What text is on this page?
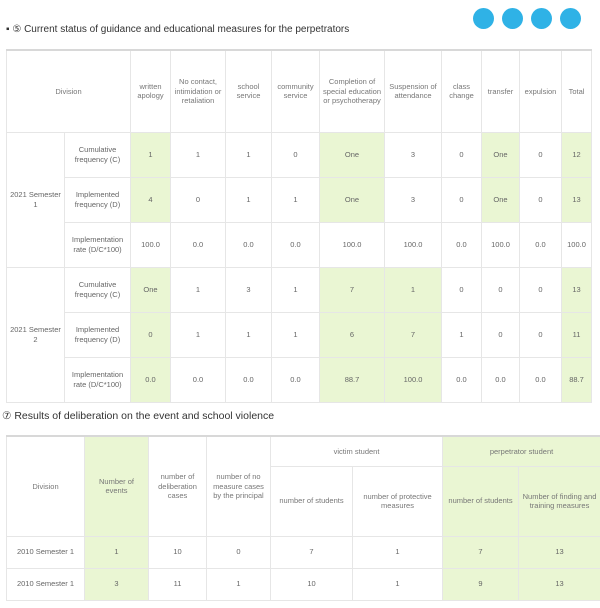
▪ ⑤ Current status of guidance and educational measures for the perpetrators
Division		written apology	No contact, intimidation or retaliation	school service	community service	Completion of special education or psychotherapy	Suspension of attendance	class change	transfer	expulsion	Total
2021 Semester 1	Cumulative frequency (C)	1	1	1	0	One	3	0	One	0	12
	Implemented frequency (D)	4	0	1	1	One	3	0	One	0	13
	Implementation rate (D/C*100)	100.0	0.0	0.0	0.0	100.0	100.0	0.0	100.0	0.0	100.0
2021 Semester 2	Cumulative frequency (C)	One	1	3	1	7	1	0	0	0	13
	Implemented frequency (D)	0	1	1	1	6	7	1	0	0	11
	Implementation rate (D/C*100)	0.0	0.0	0.0	0.0	88.7	100.0	0.0	0.0	0.0	88.7
⑦ Results of deliberation on the event and school violence
Division	Number of events	number of deliberation cases	number of no measure cases by the principal	victim student		perpetrator student	
				number of students	number of protective measures	number of students	Number of finding and training measures
2010 Semester 1	1	10	0	7	1	7	13
2010 Semester 1	3	11	1	10	1	9	13
